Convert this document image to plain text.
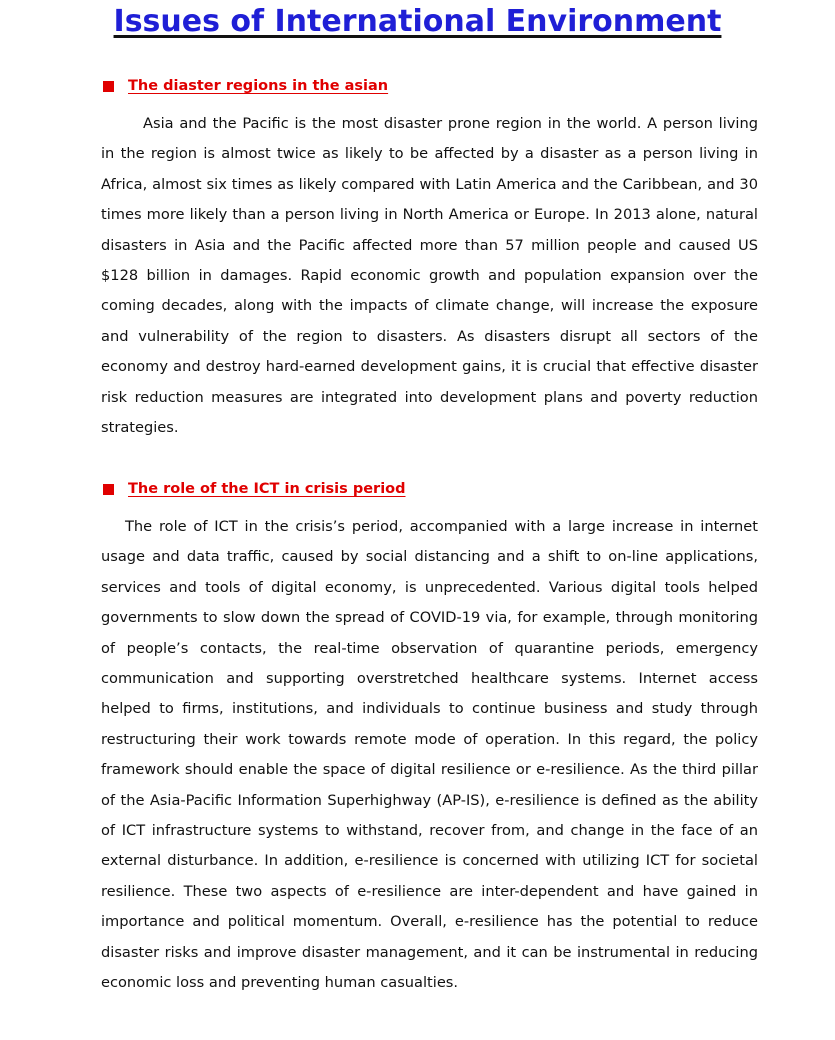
Issues of International Environment
The diaster regions in the asian

Asia and the Pacific is the most disaster prone region in the world. A person living in the region is almost twice as likely to be affected by a disaster as a person living in Africa, almost six times as likely compared with Latin America and the Caribbean, and 30 times more likely than a person living in North America or Europe. In 2013 alone, natural disasters in Asia and the Pacific affected more than 57 million people and caused US $128 billion in damages. Rapid economic growth and population expansion over the coming decades, along with the impacts of climate change, will increase the exposure and vulnerability of the region to disasters. As disasters disrupt all sectors of the economy and destroy hard-earned development gains, it is crucial that effective disaster risk reduction measures are integrated into development plans and poverty reduction strategies.

The role of the ICT in crisis period

The role of ICT in the crisis’s period, accompanied with a large increase in internet usage and data traffic, caused by social distancing and a shift to on-line applications, services and tools of digital economy, is unprecedented. Various digital tools helped governments to slow down the spread of COVID-19 via, for example, through monitoring of people’s contacts, the real-time observation of quarantine periods, emergency communication and supporting overstretched healthcare systems. Internet access helped to firms, institutions, and individuals to continue business and study through restructuring their work towards remote mode of operation. In this regard, the policy framework should enable the space of digital resilience or e-resilience. As the third pillar of the Asia-Pacific Information Superhighway (AP-IS), e-resilience is defined as the ability of ICT infrastructure systems to withstand, recover from, and change in the face of an external disturbance. In addition, e-resilience is concerned with utilizing ICT for societal resilience. These two aspects of e-resilience are inter-dependent and have gained in importance and political momentum. Overall, e-resilience has the potential to reduce disaster risks and improve disaster management, and it can be instrumental in reducing economic loss and preventing human casualties.
